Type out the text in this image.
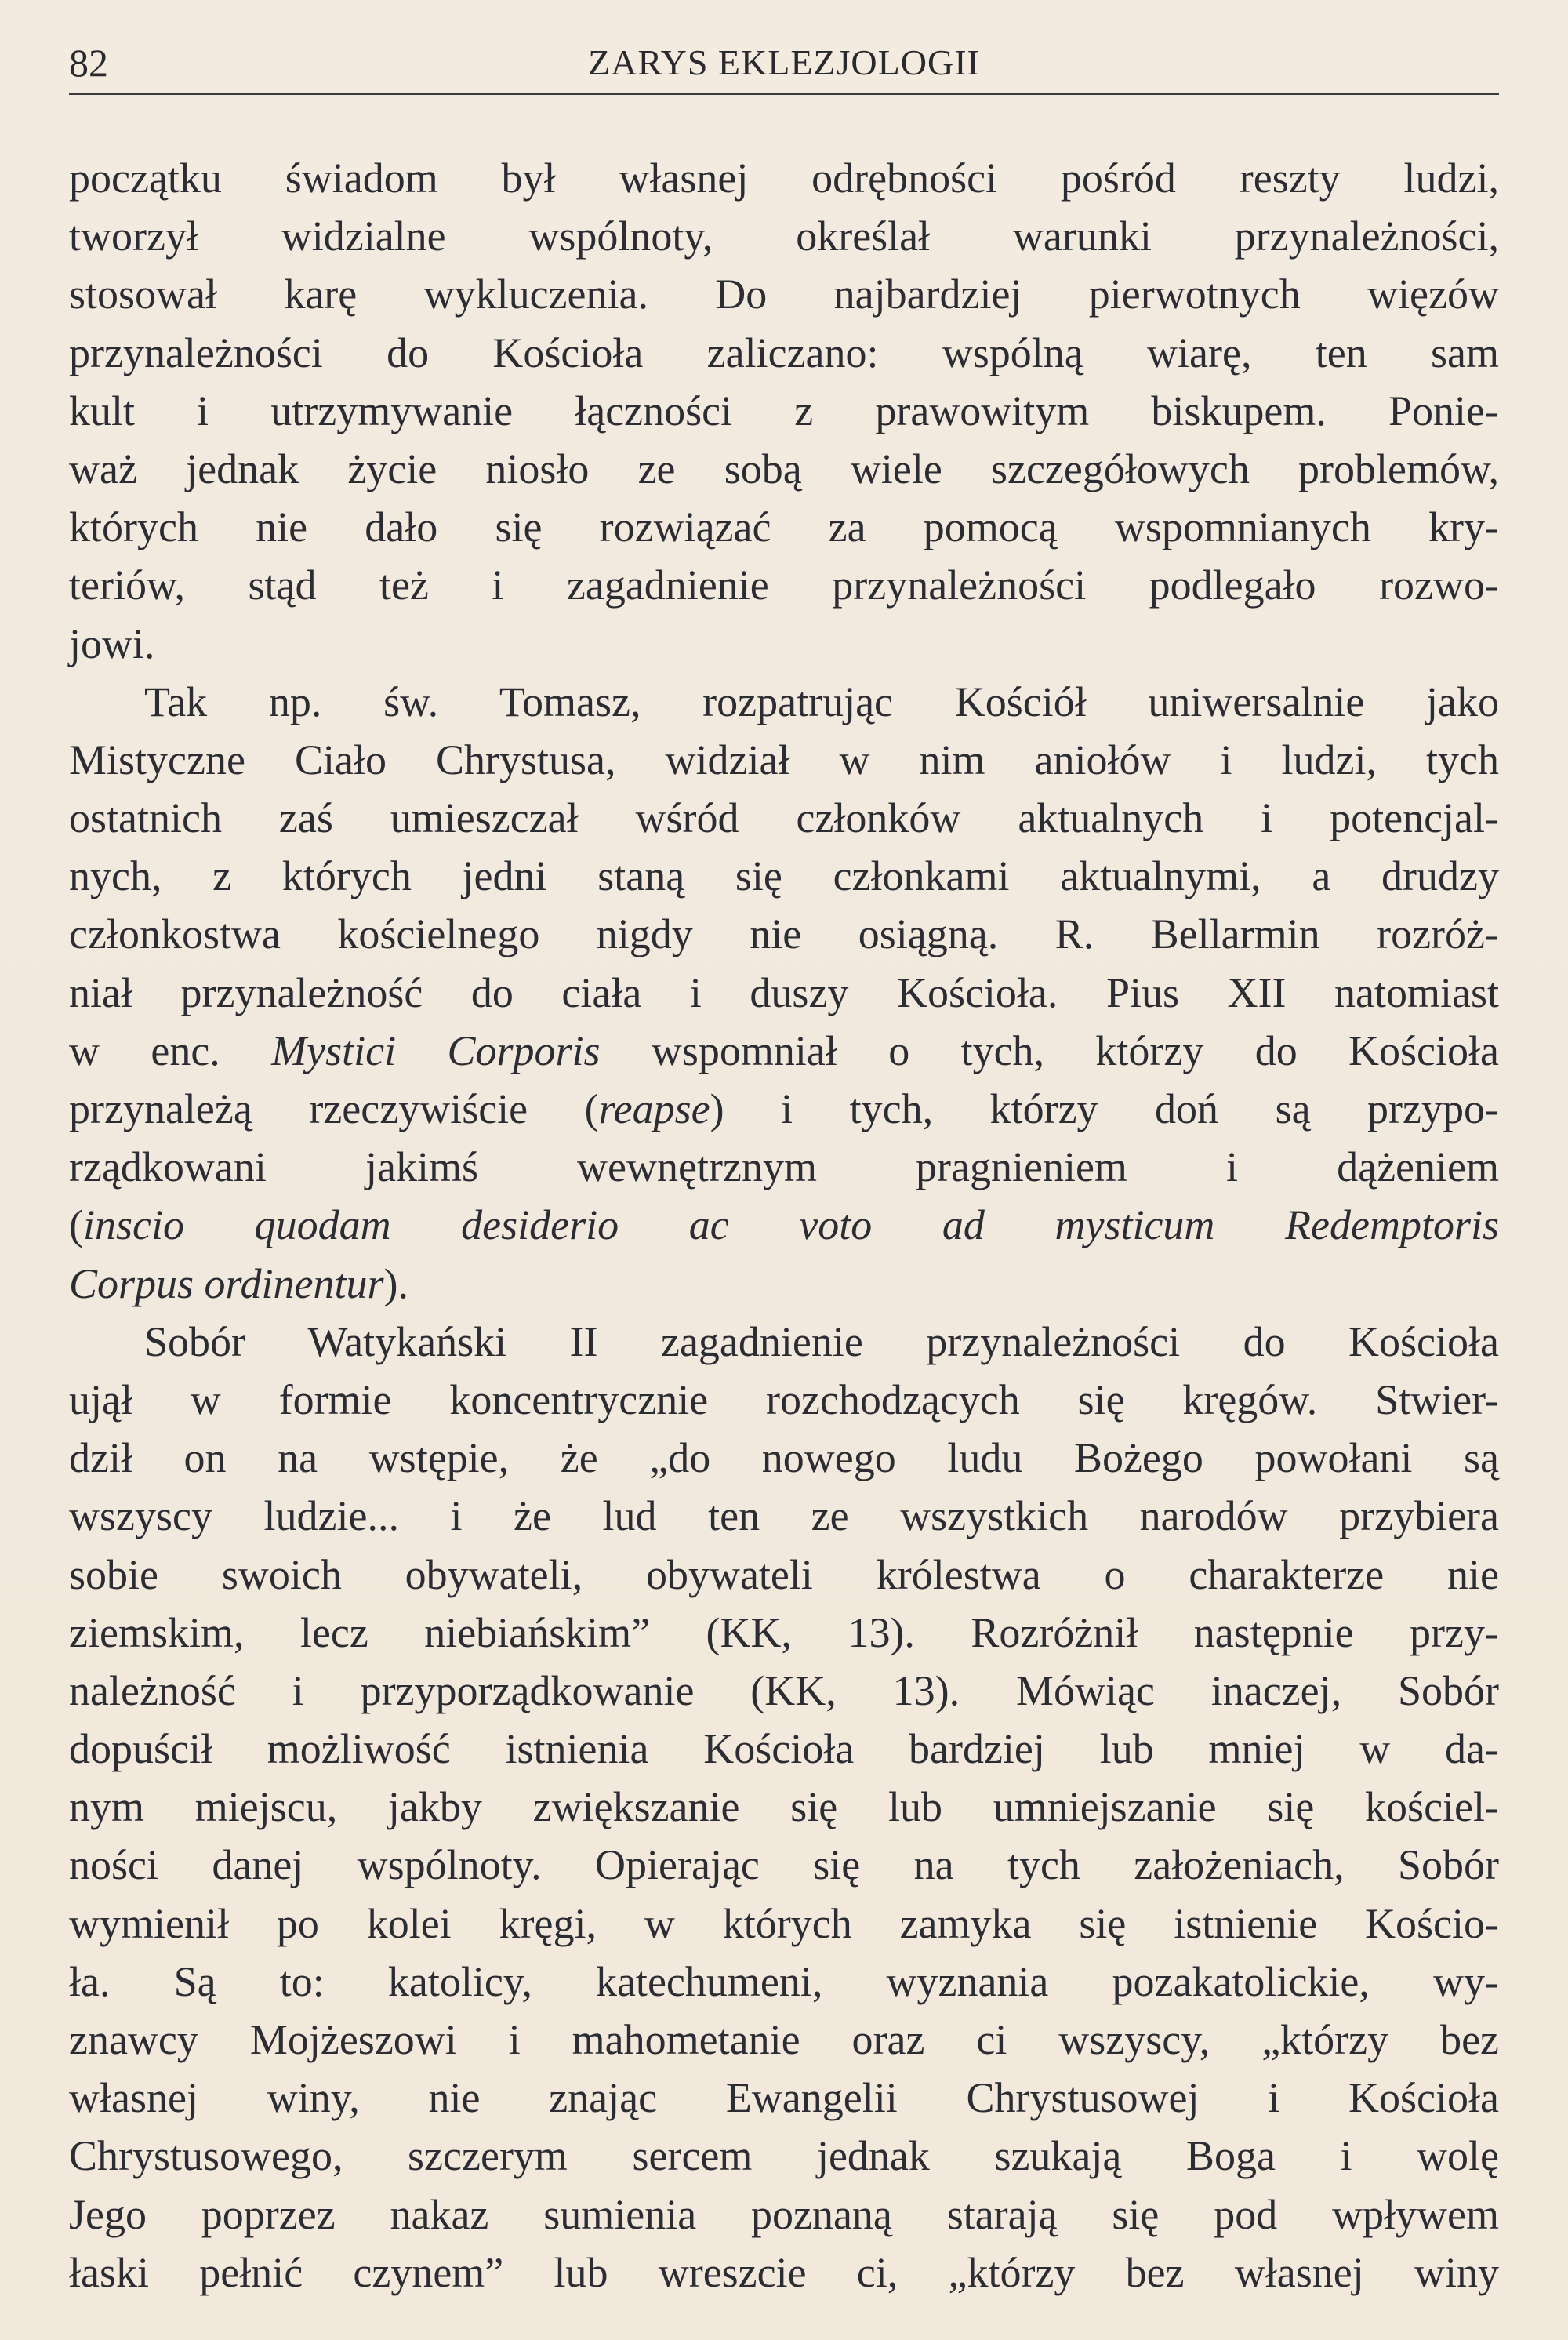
82	ZARYS EKLEZJOLOGII
początku świadom był własnej odrębności pośród reszty ludzi,
tworzył widzialne wspólnoty, określał warunki przynależności,
stosował karę wykluczenia. Do najbardziej pierwotnych więzów
przynależności do Kościoła zaliczano: wspólną wiarę, ten sam
kult i utrzymywanie łączności z prawowitym biskupem. Ponie-
waż jednak życie niosło ze sobą wiele szczegółowych problemów,
których nie dało się rozwiązać za pomocą wspomnianych kry-
teriów, stąd też i zagadnienie przynależności podlegało rozwo-
jowi.
Tak np. św. Tomasz, rozpatrując Kościół uniwersalnie jako
Mistyczne Ciało Chrystusa, widział w nim aniołów i ludzi, tych
ostatnich zaś umieszczał wśród członków aktualnych i potencjal-
nych, z których jedni staną się członkami aktualnymi, a drudzy
członkostwa kościelnego nigdy nie osiągną. R. Bellarmin rozróż-
niał przynależność do ciała i duszy Kościoła. Pius XII natomiast
w enc. Mystici Corporis wspomniał o tych, którzy do Kościoła
przynależą rzeczywiście (reapse) i tych, którzy doń są przypo-
rządkowani jakimś wewnętrznym pragnieniem i dążeniem
(inscio quodam desiderio ac voto ad mysticum Redemptoris
Corpus ordinentur).
Sobór Watykański II zagadnienie przynależności do Kościoła
ujął w formie koncentrycznie rozchodzących się kręgów. Stwier-
dził on na wstępie, że „do nowego ludu Bożego powołani są
wszyscy ludzie... i że lud ten ze wszystkich narodów przybiera
sobie swoich obywateli, obywateli królestwa o charakterze nie
ziemskim, lecz niebiańskim” (KK, 13). Rozróżnił następnie przy-
należność i przyporządkowanie (KK, 13). Mówiąc inaczej, Sobór
dopuścił możliwość istnienia Kościoła bardziej lub mniej w da-
nym miejscu, jakby zwiększanie się lub umniejszanie się kościel-
ności danej wspólnoty. Opierając się na tych założeniach, Sobór
wymienił po kolei kręgi, w których zamyka się istnienie Kościo-
ła. Są to: katolicy, katechumeni, wyznania pozakatolickie, wy-
znawcy Mojżeszowi i mahometanie oraz ci wszyscy, „którzy bez
własnej winy, nie znając Ewangelii Chrystusowej i Kościoła
Chrystusowego, szczerym sercem jednak szukają Boga i wolę
Jego poprzez nakaz sumienia poznaną starają się pod wpływem
łaski pełnić czynem” lub wreszcie ci, „którzy bez własnej winy
